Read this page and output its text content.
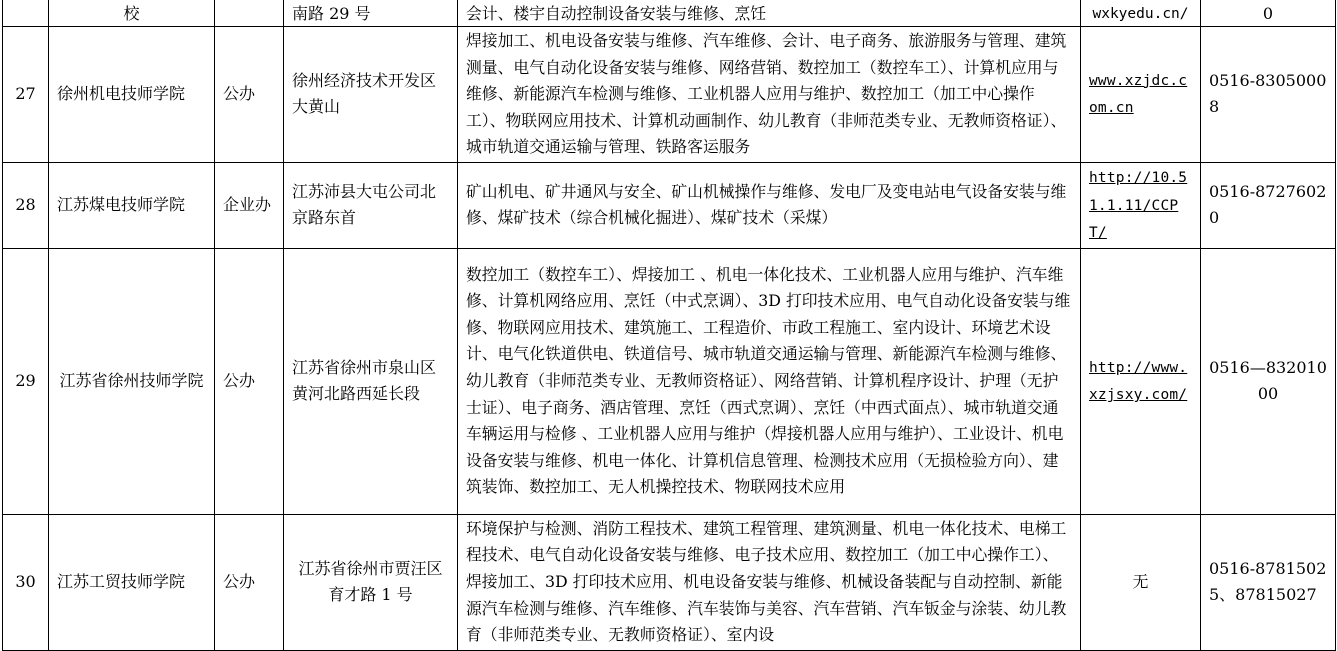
	校		南路 29 号	会计、楼宇自动控制设备安装与维修、烹饪	wxkyedu.cn/	0
27	徐州机电技师学院	公办	徐州经济技术开发区大黄山	焊接加工、机电设备安装与维修、汽车维修、会计、电子商务、旅游服务与管理、建筑测量、电气自动化设备安装与维修、网络营销、数控加工（数控车工）、计算机应用与维修、新能源汽车检测与维修、工业机器人应用与维护、数控加工（加工中心操作工）、物联网应用技术、计算机动画制作、幼儿教育（非师范类专业、无教师资格证）、城市轨道交通运输与管理、铁路客运服务	www.xzjdc.com.cn	0516-83050008
28	江苏煤电技师学院	企业办	江苏沛县大屯公司北京路东首	矿山机电、矿井通风与安全、矿山机械操作与维修、发电厂及变电站电气设备安装与维修、煤矿技术（综合机械化掘进）、煤矿技术（采煤）	http://10.51.1.11/CCPT/	0516-87276020
29	江苏省徐州技师学院	公办	江苏省徐州市泉山区黄河北路西延长段	数控加工（数控车工）、焊接加工 、机电一体化技术、工业机器人应用与维护、汽车维修、计算机网络应用、烹饪（中式烹调）、3D 打印技术应用、电气自动化设备安装与维修、物联网应用技术、建筑施工、工程造价、市政工程施工、室内设计、环境艺术设计、电气化铁道供电、铁道信号、城市轨道交通运输与管理、新能源汽车检测与维修、幼儿教育（非师范类专业、无教师资格证）、网络营销、计算机程序设计、护理（无护士证）、电子商务、酒店管理、烹饪（西式烹调）、烹饪（中西式面点）、城市轨道交通车辆运用与检修 、工业机器人应用与维护（焊接机器人应用与维护）、工业设计、机电设备安装与维修、机电一体化、计算机信息管理、检测技术应用（无损检验方向）、建筑装饰、数控加工、无人机操控技术、物联网技术应用	http://www.xzjsxy.com/	0516—83201000
30	江苏工贸技师学院	公办	江苏省徐州市贾汪区育才路 1 号	环境保护与检测、消防工程技术、建筑工程管理、建筑测量、机电一体化技术、电梯工程技术、电气自动化设备安装与维修、电子技术应用、数控加工（加工中心操作工）、焊接加工、3D 打印技术应用、机电设备安装与维修、机械设备装配与自动控制、新能源汽车检测与维修、汽车维修、汽车装饰与美容、汽车营销、汽车钣金与涂装、幼儿教育（非师范类专业、无教师资格证）、室内设	无	0516-87815025、87815027
